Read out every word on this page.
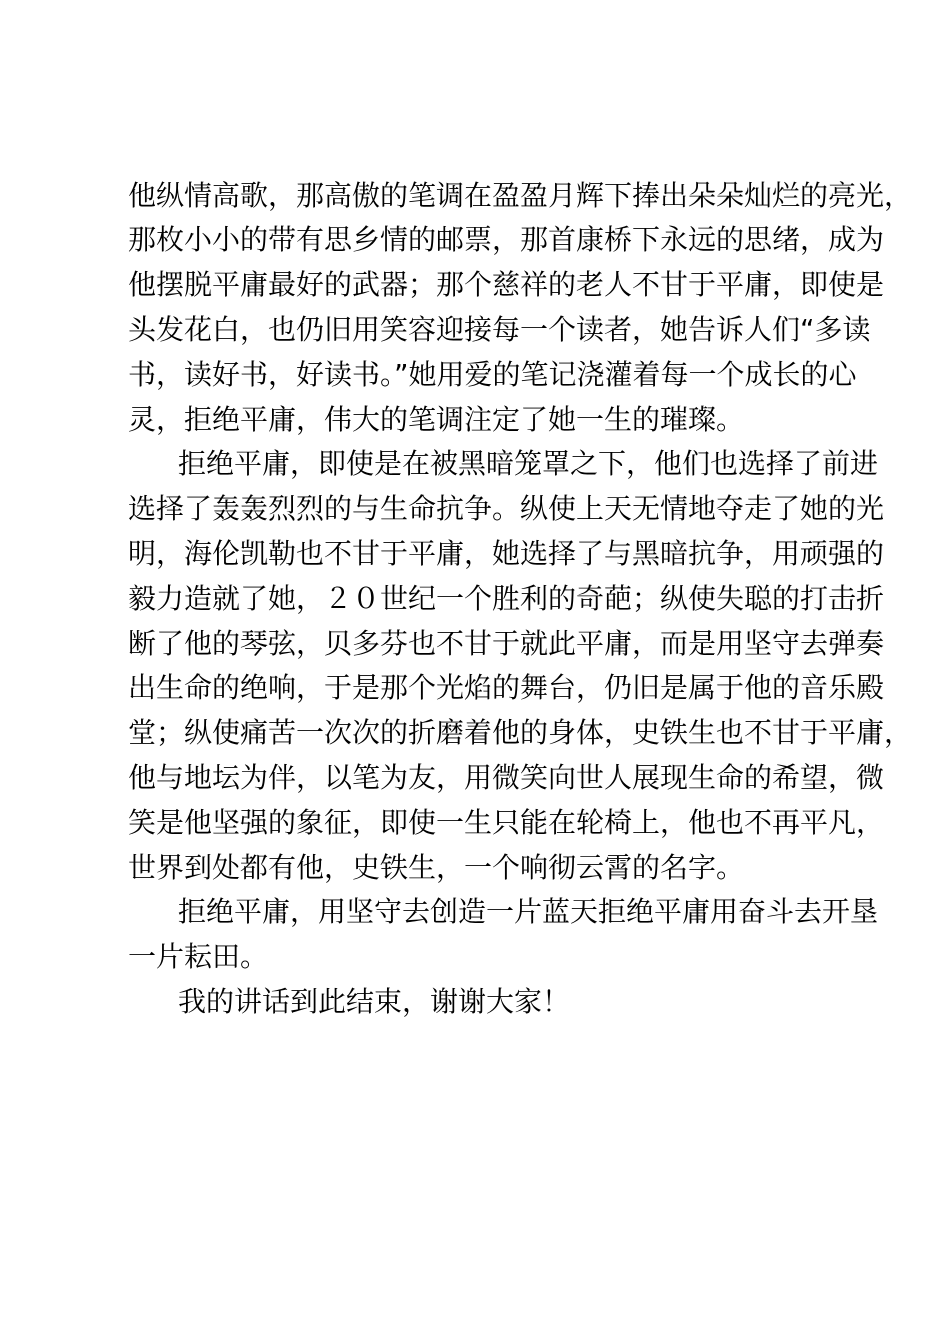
他纵情高歌，那高傲的笔调在盈盈月辉下捧出朵朵灿烂的亮光，
那枚小小的带有思乡情的邮票，那首康桥下永远的思绪，成为
他摆脱平庸最好的武器；那个慈祥的老人不甘于平庸，即使是
头发花白，也仍旧用笑容迎接每一个读者，她告诉人们“多读
书，读好书，好读书。”她用爱的笔记浇灌着每一个成长的心
灵，拒绝平庸，伟大的笔调注定了她一生的璀璨。
拒绝平庸，即使是在被黑暗笼罩之下，他们也选择了前进
选择了轰轰烈烈的与生命抗争。纵使上天无情地夺走了她的光
明，海伦凯勒也不甘于平庸，她选择了与黑暗抗争，用顽强的
毅力造就了她，２０世纪一个胜利的奇葩；纵使失聪的打击折
断了他的琴弦，贝多芬也不甘于就此平庸，而是用坚守去弹奏
出生命的绝响，于是那个光焰的舞台，仍旧是属于他的音乐殿
堂；纵使痛苦一次次的折磨着他的身体，史铁生也不甘于平庸，
他与地坛为伴，以笔为友，用微笑向世人展现生命的希望，微
笑是他坚强的象征，即使一生只能在轮椅上，他也不再平凡，
世界到处都有他，史铁生，一个响彻云霄的名字。
拒绝平庸，用坚守去创造一片蓝天拒绝平庸用奋斗去开垦
一片耘田。
我的讲话到此结束，谢谢大家！
